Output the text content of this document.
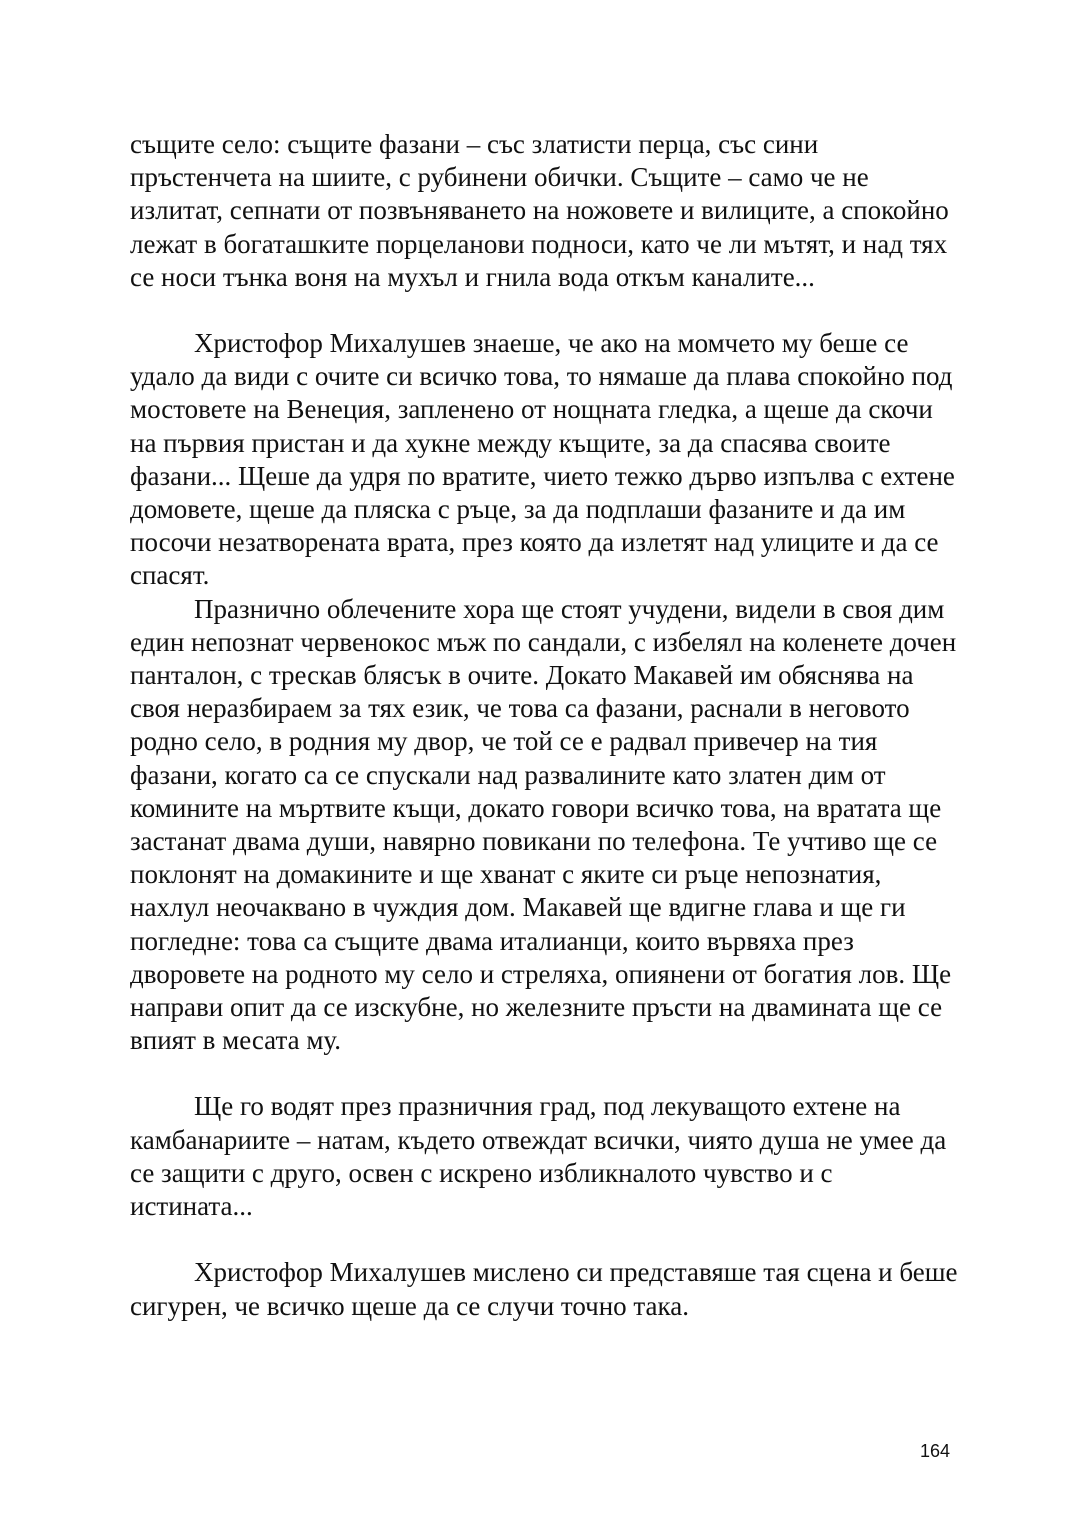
същите село: същите фазани – със златисти перца, със сини пръстенчета на шиите, с рубинени обички. Същите – само че не излитат, сепнати от позвъняването на ножовете и вилиците, а спокойно лежат в богаташките порцеланови подноси, като че ли мътят, и над тях се носи тънка воня на мухъл и гнила вода откъм каналите...

Христофор Михалушев знаеше, че ако на момчето му беше се удало да види с очите си всичко това, то нямаше да плава спокойно под мостовете на Венеция, запленено от нощната гледка, а щеше да скочи на първия пристан и да хукне между къщите, за да спасява своите фазани... Щеше да удря по вратите, чието тежко дърво изпълва с ехтене домовете, щеше да пляска с ръце, за да подплаши фазаните и да им посочи незатворената врата, през която да излетят над улиците и да се спасят.

Празнично облечените хора ще стоят учудени, видели в своя дим един непознат червенокос мъж по сандали, с избелял на коленете дочен панталон, с трескав блясък в очите. Докато Макавей им обяснява на своя неразбираем за тях език, че това са фазани, раснали в неговото родно село, в родния му двор, че той се е радвал привечер на тия фазани, когато са се спускали над развалините като златен дим от комините на мъртвите къщи, докато говори всичко това, на вратата ще застанат двама души, навярно повикани по телефона. Те учтиво ще се поклонят на домакините и ще хванат с яките си ръце непознатия, нахлул неочаквано в чуждия дом. Макавей ще вдигне глава и ще ги погледне: това са същите двама италианци, които вървяха през дворовете на родното му село и стреляха, опиянени от богатия лов. Ще направи опит да се изскубне, но железните пръсти на двамината ще се впият в месата му.

Ще го водят през празничния град, под лекуващото ехтене на камбанариите – натам, където отвеждат всички, чиято душа не умее да се защити с друго, освен с искрено избликналото чувство и с истината...

Христофор Михалушев мислено си представяше тая сцена и беше сигурен, че всичко щеше да се случи точно така.

164
